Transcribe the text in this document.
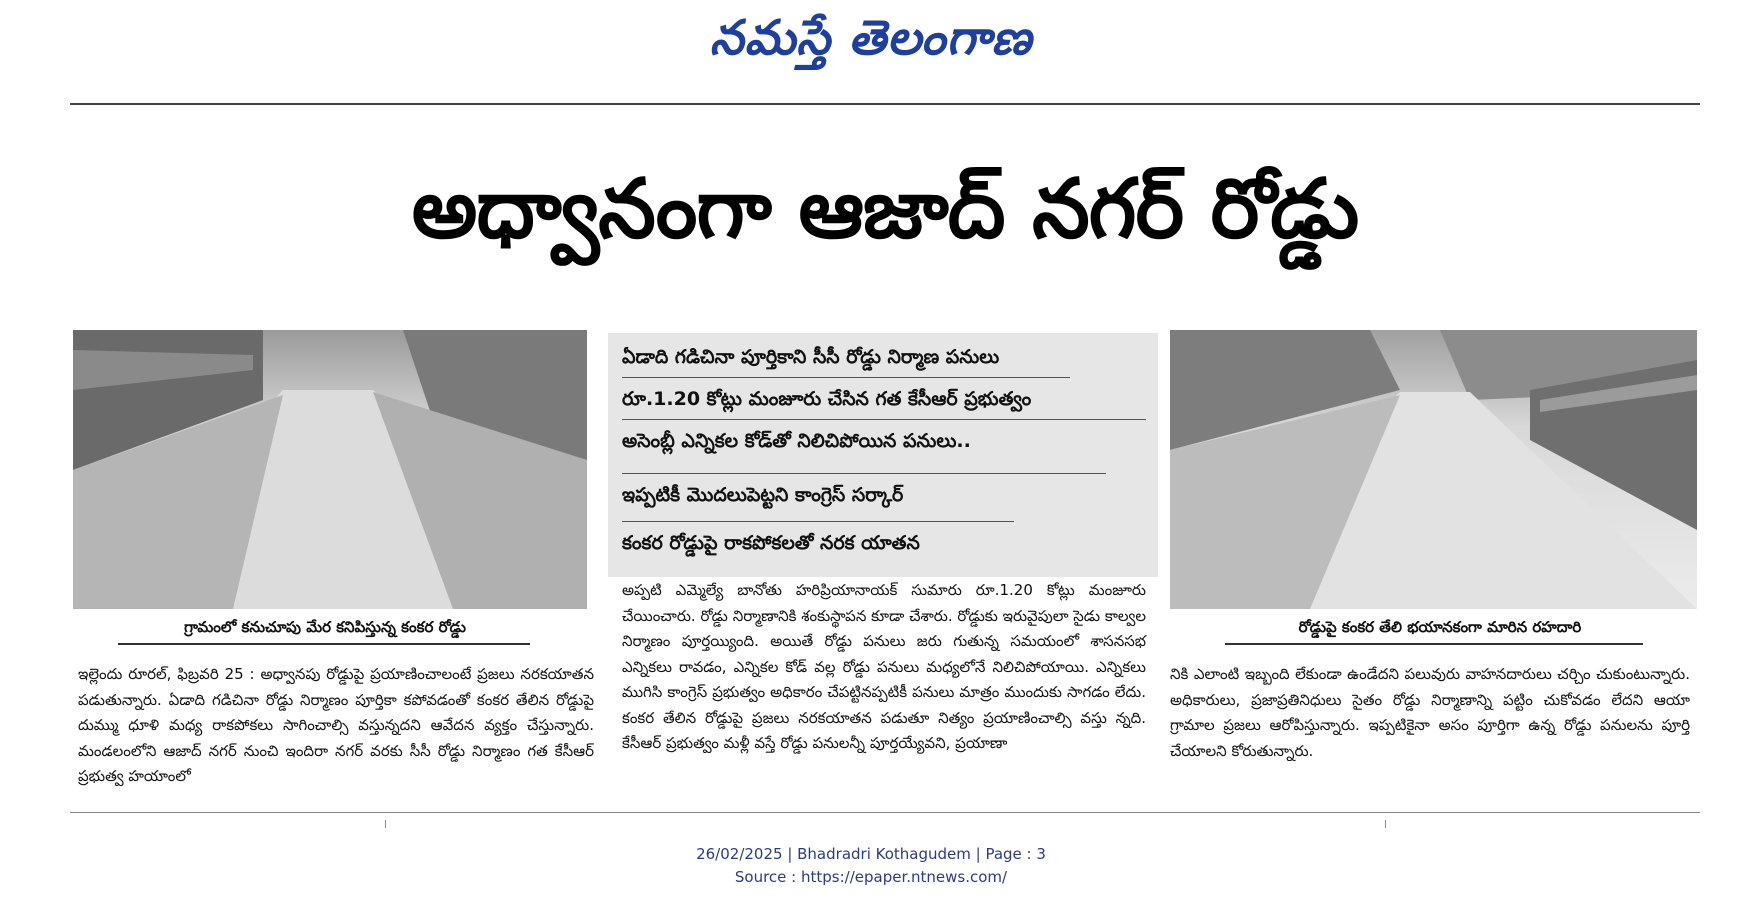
నమస్తే తెలంగాణ
అధ్వానంగా ఆజాద్ నగర్ రోడ్డు
ఏడాది గడిచినా పూర్తికాని సీసీ రోడ్డు నిర్మాణ పనులు
రూ.1.20 కోట్లు మంజూరు చేసిన గత కేసీఆర్ ప్రభుత్వం
అసెంబ్లీ ఎన్నికల కోడ్‌తో నిలిచిపోయిన పనులు..
ఇప్పటికీ మొదలుపెట్టని కాంగ్రెస్ సర్కార్
కంకర రోడ్డుపై రాకపోకలతో నరక యాతన
గ్రామంలో కనుచూపు మేర కనిపిస్తున్న కంకర రోడ్డు	రోడ్డుపై కంకర తేలి భయానకంగా మారిన రహదారి
ఇల్లెందు రూరల్, ఫిబ్రవరి 25 : అధ్వానపు రోడ్డుపై ప్రయాణించాలంటే ప్రజలు నరకయాతన పడుతున్నారు. ఏడాది గడిచినా రోడ్డు నిర్మాణం పూర్తికా కపోవడంతో కంకర తేలిన రోడ్డుపై దుమ్ము ధూళి మధ్య రాకపోకలు సాగించాల్సి వస్తున్నదని ఆవేదన వ్యక్తం చేస్తున్నారు. మండలంలోని ఆజాద్ నగర్ నుంచి ఇందిరా నగర్ వరకు సీసీ రోడ్డు నిర్మాణం గత కేసీఆర్ ప్రభుత్వ హయాంలో
అప్పటి ఎమ్మెల్యే బానోతు హరిప్రియానాయక్ సుమారు రూ.1.20 కోట్లు మంజూరు చేయించారు. రోడ్డు నిర్మాణానికి శంకుస్థాపన కూడా చేశారు. రోడ్డుకు ఇరువైపులా సైడు కాల్వల నిర్మాణం పూర్తయ్యింది. అయితే రోడ్డు పనులు జరు గుతున్న సమయంలో శాసనసభ ఎన్నికలు రావడం, ఎన్నికల కోడ్ వల్ల రోడ్డు పనులు మధ్యలోనే నిలిచిపోయాయి. ఎన్నికలు ముగిసి కాంగ్రెస్ ప్రభుత్వం అధికారం చేపట్టినప్పటికీ పనులు మాత్రం ముందుకు సాగడం లేదు. కంకర తేలిన రోడ్డుపై ప్రజలు నరకయాతన పడుతూ నిత్యం ప్రయాణించాల్సి వస్తు న్నది. కేసీఆర్ ప్రభుత్వం మళ్లీ వస్తే రోడ్డు పనులన్నీ పూర్తయ్యేవని, ప్రయాణా
నికి ఎలాంటి ఇబ్బంది లేకుండా ఉండేదని పలువురు వాహనదారులు చర్చిం చుకుంటున్నారు. అధికారులు, ప్రజాప్రతినిధులు సైతం రోడ్డు నిర్మాణాన్ని పట్టిం చుకోవడం లేదని ఆయా గ్రామాల ప్రజలు ఆరోపిస్తున్నారు. ఇప్పటికైనా అసం పూర్తిగా ఉన్న రోడ్డు పనులను పూర్తి చేయాలని కోరుతున్నారు.
26/02/2025 | Bhadradri Kothagudem | Page : 3
Source : https://epaper.ntnews.com/
